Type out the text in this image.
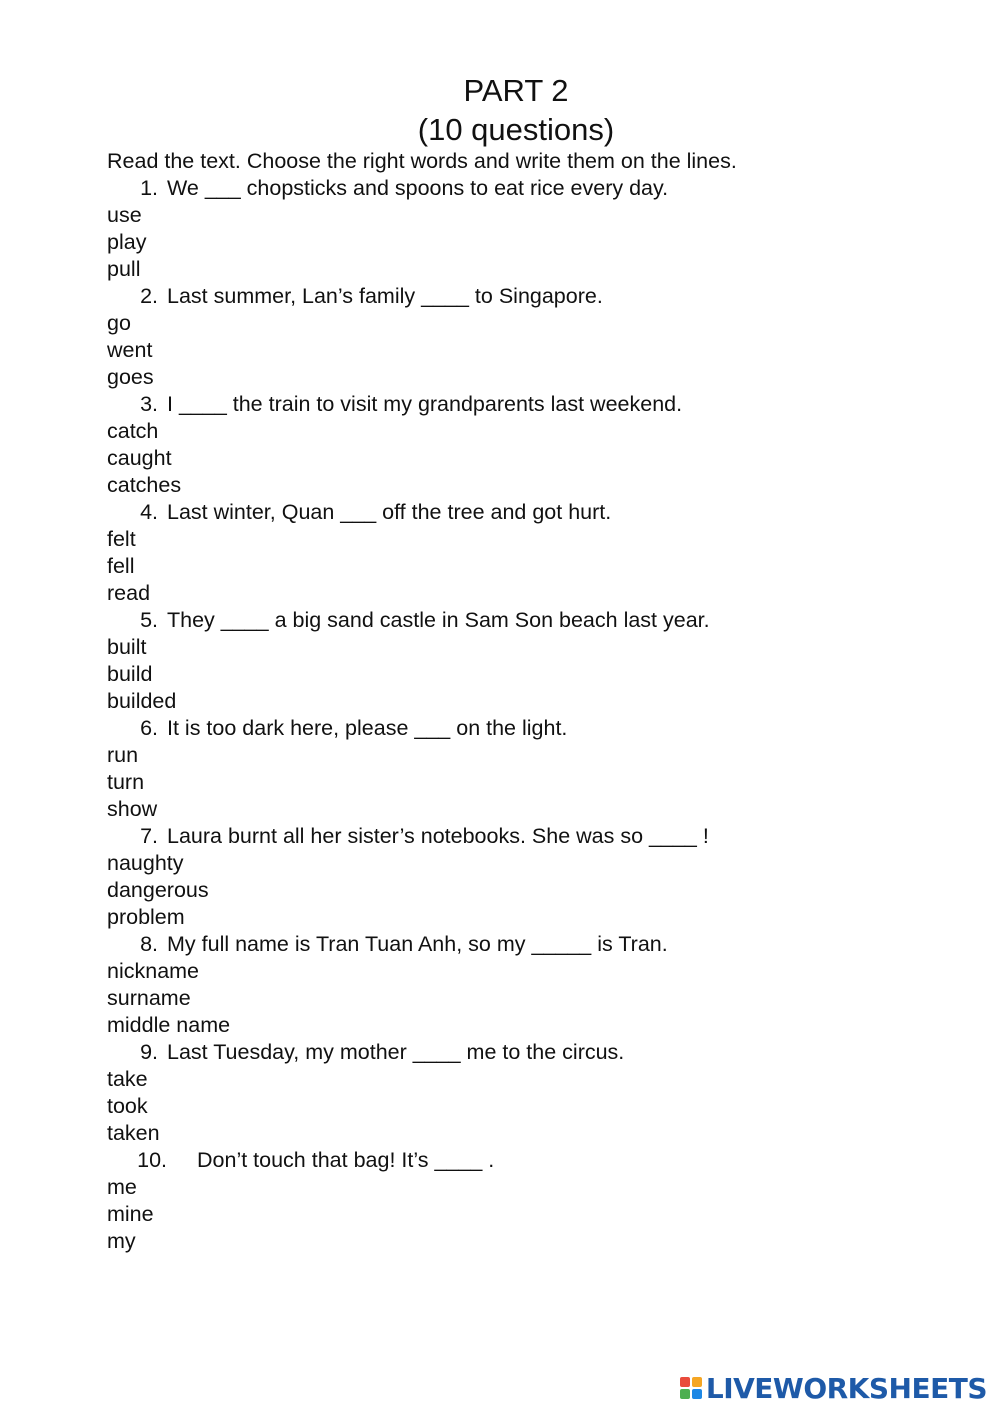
PART 2
(10 questions)
Read the text. Choose the right words and write them on the lines.
1. We ___ chopsticks and spoons to eat rice every day.
use
play
pull
2. Last summer, Lan’s family ____ to Singapore.
go
went
goes
3. I ____ the train to visit my grandparents last weekend.
catch
caught
catches
4. Last winter, Quan ___ off the tree and got hurt.
felt
fell
read
5. They ____ a big sand castle in Sam Son beach last year.
built
build
builded
6. It is too dark here, please ___ on the light.
run
turn
show
7. Laura burnt all her sister’s notebooks. She was so ____ !
naughty
dangerous
problem
8. My full name is Tran Tuan Anh, so my _____ is Tran.
nickname
surname
middle name
9. Last Tuesday, my mother ____ me to the circus.
take
took
taken
10. Don’t touch that bag! It’s ____ .
me
mine
my
LIVEWORKSHEETS
